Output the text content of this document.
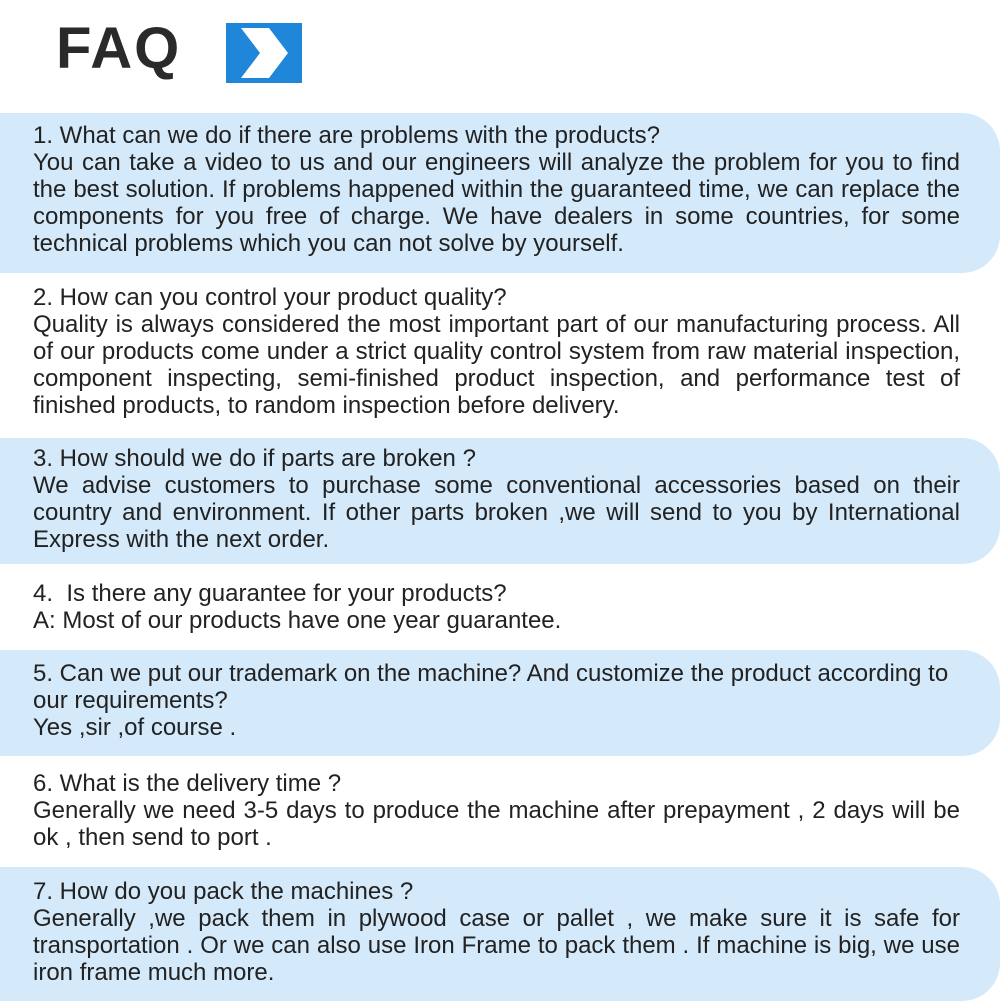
FAQ
1. What can we do if there are problems with the products?
You can take a video to us and our engineers will analyze the problem for you to find the best solution. If problems happened within the guaranteed time, we can replace the components for you free of charge. We have dealers in some countries, for some technical problems which you can not solve by yourself.
2. How can you control your product quality?
Quality is always considered the most important part of our manufacturing process. All of our products come under a strict quality control system from raw material inspection, component inspecting, semi-finished product inspection, and performance test of finished products, to random inspection before delivery.
3. How should we do if parts are broken ?
We advise customers to purchase some conventional accessories based on their country and environment. If other parts broken ,we will send to you by International Express with the next order.
4.  Is there any guarantee for your products?
A: Most of our products have one year guarantee.
5. Can we put our trademark on the machine? And customize the product according to our requirements?
Yes ,sir ,of course .
6. What is the delivery time ?
Generally we need 3-5 days to produce the machine after prepayment , 2 days will be ok , then send to port .
7. How do you pack the machines ?
Generally ,we pack them in plywood case or pallet , we make sure it is safe for transportation . Or we can also use Iron Frame to pack them . If machine is big, we use iron frame much more.
